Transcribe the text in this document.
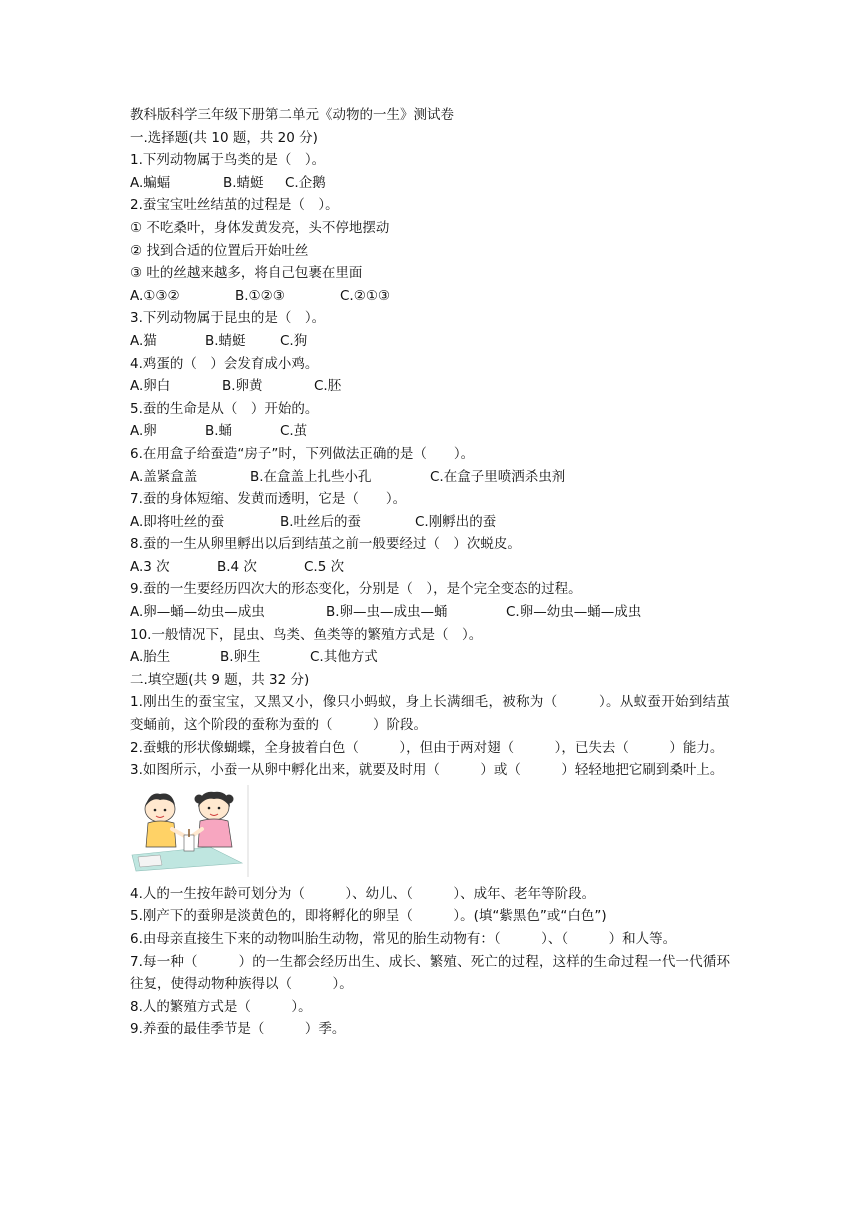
教科版科学三年级下册第二单元《动物的一生》测试卷
一.选择题(共 10 题，共 20 分)
1.下列动物属于鸟类的是（　）。
A.蝙蝠	B.蜻蜓	C.企鹅
2.蚕宝宝吐丝结茧的过程是（　）。
① 不吃桑叶，身体发黄发亮，头不停地摆动
② 找到合适的位置后开始吐丝
③ 吐的丝越来越多，将自己包裹在里面
A.①③②	B.①②③	C.②①③
3.下列动物属于昆虫的是（　）。
A.猫	B.蜻蜓	C.狗
4.鸡蛋的（　）会发育成小鸡。
A.卵白	B.卵黄	C.胚
5.蚕的生命是从（　）开始的。
A.卵	B.蛹	C.茧
6.在用盒子给蚕造“房子”时，下列做法正确的是（　　）。
A.盖紧盒盖	B.在盒盖上扎些小孔	C.在盒子里喷洒杀虫剂
7.蚕的身体短缩、发黄而透明，它是（　　）。
A.即将吐丝的蚕	B.吐丝后的蚕	C.刚孵出的蚕
8.蚕的一生从卵里孵出以后到结茧之前一般要经过（　）次蜕皮。
A.3 次	B.4 次	C.5 次
9.蚕的一生要经历四次大的形态变化，分别是（　），是个完全变态的过程。
A.卵—蛹—幼虫—成虫	B.卵—虫—成虫—蛹	C.卵—幼虫—蛹—成虫
10.一般情况下，昆虫、鸟类、鱼类等的繁殖方式是（　）。
A.胎生	B.卵生	C.其他方式
二.填空题(共 9 题，共 32 分)
1.刚出生的蚕宝宝，又黑又小，像只小蚂蚁，身上长满细毛，被称为（　　　）。从蚁蚕开始到结茧变蛹前，这个阶段的蚕称为蚕的（　　　）阶段。
2.蚕蛾的形状像蝴蝶，全身披着白色（　　　），但由于两对翅（　　　），已失去（　　　）能力。
3.如图所示，小蚕一从卵中孵化出来，就要及时用（　　　）或（　　　）轻轻地把它刷到桑叶上。
4.人的一生按年龄可划分为（　　　）、幼儿、（　　　）、成年、老年等阶段。
5.刚产下的蚕卵是淡黄色的，即将孵化的卵呈（　　　）。(填“紫黑色”或“白色”)
6.由母亲直接生下来的动物叫胎生动物，常见的胎生动物有：（　　　）、（　　　）和人等。
7.每一种（　　　）的一生都会经历出生、成长、繁殖、死亡的过程，这样的生命过程一代一代循环往复，使得动物种族得以（　　　）。
8.人的繁殖方式是（　　　）。
9.养蚕的最佳季节是（　　　）季。
